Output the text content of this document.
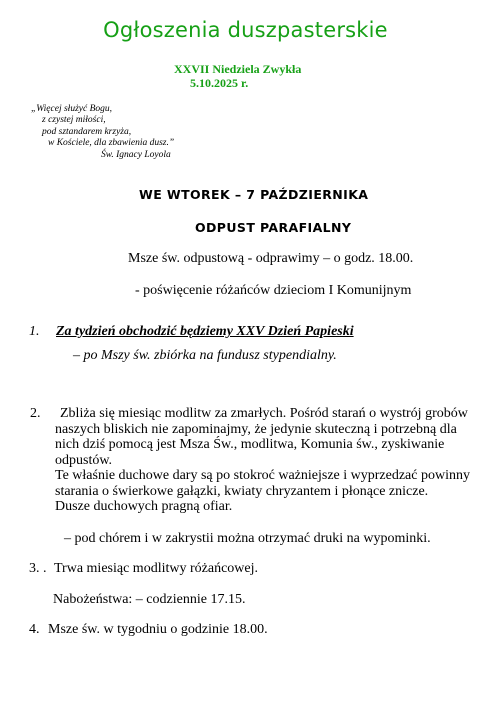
Ogłoszenia duszpasterskie
XXVII Niedziela Zwykła
5.10.2025 r.
„Więcej służyć Bogu,
z czystej miłości,
pod sztandarem krzyża,
w Kościele, dla zbawienia dusz.”
Św. Ignacy Loyola
WE WTOREK – 7 PAŹDZIERNIKA
ODPUST PARAFIALNY
Msze św. odpustową - odprawimy – o godz. 18.00.
- poświęcenie różańców dzieciom I Komunijnym
1. Za tydzień obchodzić będziemy XXV Dzień Papieski
– po Mszy św. zbiórka na fundusz stypendialny.
2.	Zbliża się miesiąc modlitw za zmarłych. Pośród starań o wystrój grobów naszych bliskich nie zapominajmy, że jedynie skuteczną i potrzebną dla nich dziś pomocą jest Msza Św., modlitwa, Komunia św., zyskiwanie odpustów.
Te właśnie duchowe dary są po stokroć ważniejsze i wyprzedzać powinny starania o świerkowe gałązki, kwiaty chryzantem i płonące znicze.
Dusze duchowych pragną ofiar.
– pod chórem i w zakrystii można otrzymać druki na wypominki.
3. . Trwa miesiąc modlitwy różańcowej.
Nabożeństwa: – codziennie 17.15.
4. Msze św. w tygodniu o godzinie 18.00.
